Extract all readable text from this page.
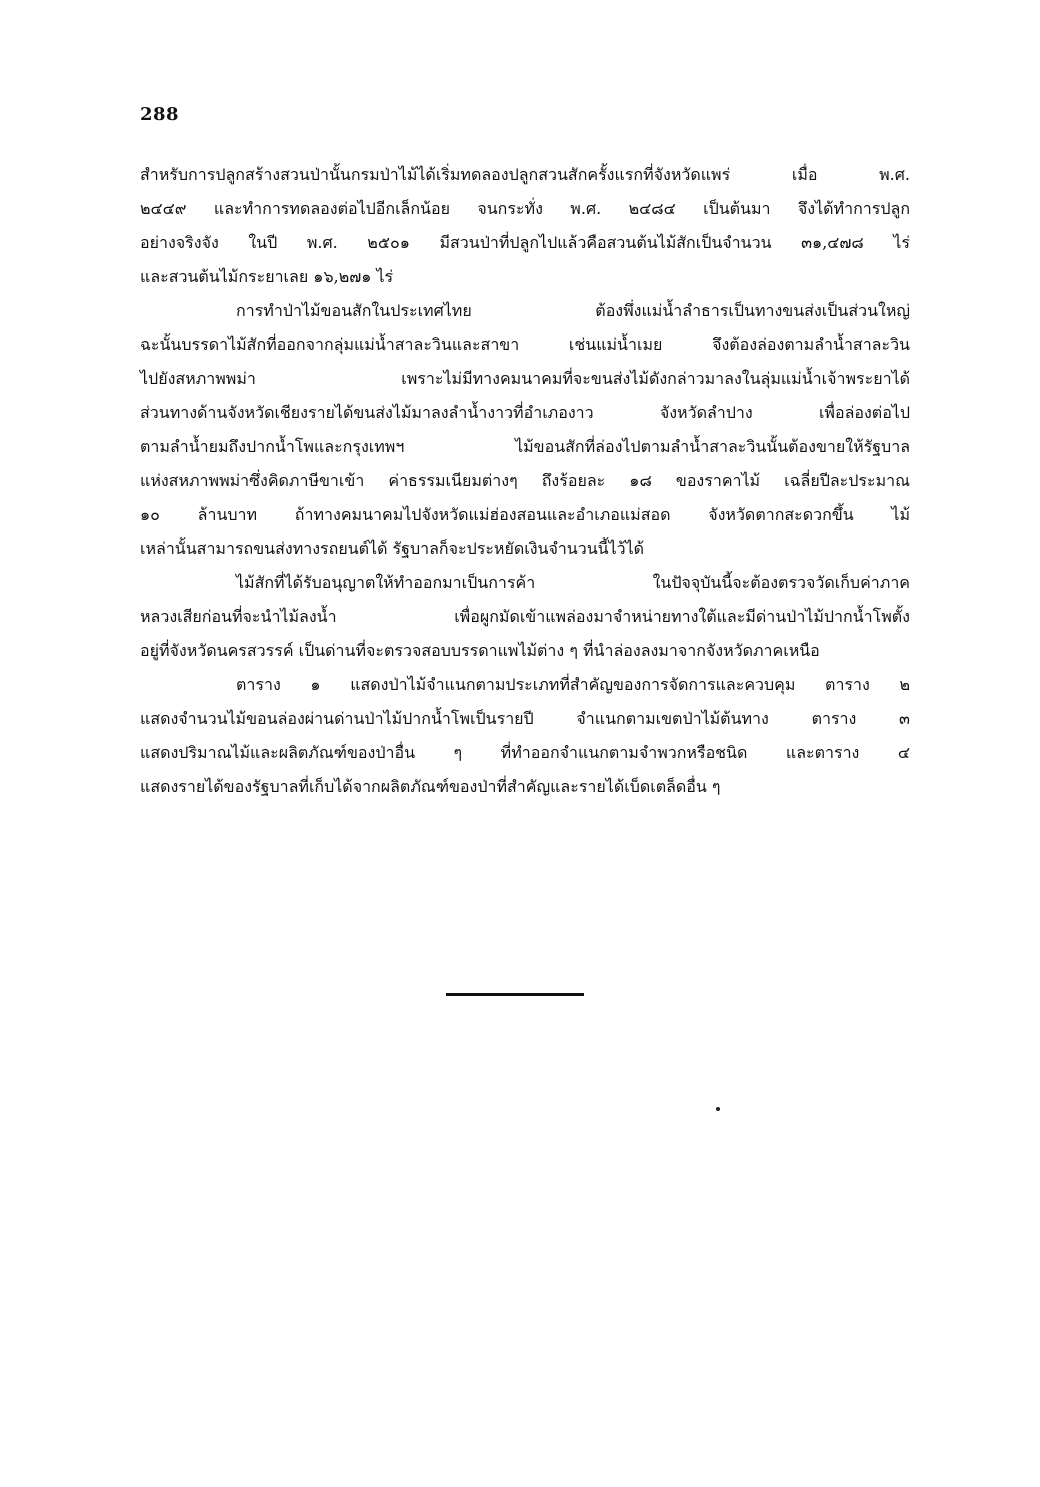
288
สำหรับการปลูกสร้างสวนป่านั้นกรมป่าไม้ได้เริ่มทดลองปลูกสวนสักครั้งแรกที่จังหวัดแพร่ เมื่อ พ.ศ.
๒๔๔๙ และทำการทดลองต่อไปอีกเล็กน้อย จนกระทั่ง พ.ศ. ๒๔๘๔ เป็นต้นมา จึงได้ทำการปลูก
อย่างจริงจัง ในปี พ.ศ. ๒๕๐๑ มีสวนป่าที่ปลูกไปแล้วคือสวนต้นไม้สักเป็นจำนวน ๓๑,๔๗๘ ไร่
และสวนต้นไม้กระยาเลย ๑๖,๒๗๑ ไร่
การทำป่าไม้ขอนสักในประเทศไทย ต้องพึ่งแม่น้ำลำธารเป็นทางขนส่งเป็นส่วนใหญ่
ฉะนั้นบรรดาไม้สักที่ออกจากลุ่มแม่น้ำสาละวินและสาขา เช่นแม่น้ำเมย จึงต้องล่องตามลำน้ำสาละวิน
ไปยังสหภาพพม่า เพราะไม่มีทางคมนาคมที่จะขนส่งไม้ดังกล่าวมาลงในลุ่มแม่น้ำเจ้าพระยาได้
ส่วนทางด้านจังหวัดเชียงรายได้ขนส่งไม้มาลงลำน้ำงาวที่อำเภองาว จังหวัดลำปาง เพื่อล่องต่อไป
ตามลำน้ำยมถึงปากน้ำโพและกรุงเทพฯ ไม้ขอนสักที่ล่องไปตามลำน้ำสาละวินนั้นต้องขายให้รัฐบาล
แห่งสหภาพพม่าซึ่งคิดภาษีขาเข้า ค่าธรรมเนียมต่างๆ ถึงร้อยละ ๑๘ ของราคาไม้ เฉลี่ยปีละประมาณ
๑๐ ล้านบาท ถ้าทางคมนาคมไปจังหวัดแม่ฮ่องสอนและอำเภอแม่สอด จังหวัดตากสะดวกขึ้น ไม้
เหล่านั้นสามารถขนส่งทางรถยนต์ได้ รัฐบาลก็จะประหยัดเงินจำนวนนี้ไว้ได้
ไม้สักที่ได้รับอนุญาตให้ทำออกมาเป็นการค้า ในปัจจุบันนี้จะต้องตรวจวัดเก็บค่าภาค
หลวงเสียก่อนที่จะนำไม้ลงน้ำ เพื่อผูกมัดเข้าแพล่องมาจำหน่ายทางใต้และมีด่านป่าไม้ปากน้ำโพตั้ง
อยู่ที่จังหวัดนครสวรรค์ เป็นด่านที่จะตรวจสอบบรรดาแพไม้ต่าง ๆ ที่นำล่องลงมาจากจังหวัดภาคเหนือ
ตาราง ๑ แสดงป่าไม้จำแนกตามประเภทที่สำคัญของการจัดการและควบคุม ตาราง ๒
แสดงจำนวนไม้ขอนล่องผ่านด่านป่าไม้ปากน้ำโพเป็นรายปี จำแนกตามเขตป่าไม้ต้นทาง ตาราง ๓
แสดงปริมาณไม้และผลิตภัณฑ์ของป่าอื่น ๆ ที่ทำออกจำแนกตามจำพวกหรือชนิด และตาราง ๔
แสดงรายได้ของรัฐบาลที่เก็บได้จากผลิตภัณฑ์ของป่าที่สำคัญและรายได้เบ็ดเตล็ดอื่น ๆ
